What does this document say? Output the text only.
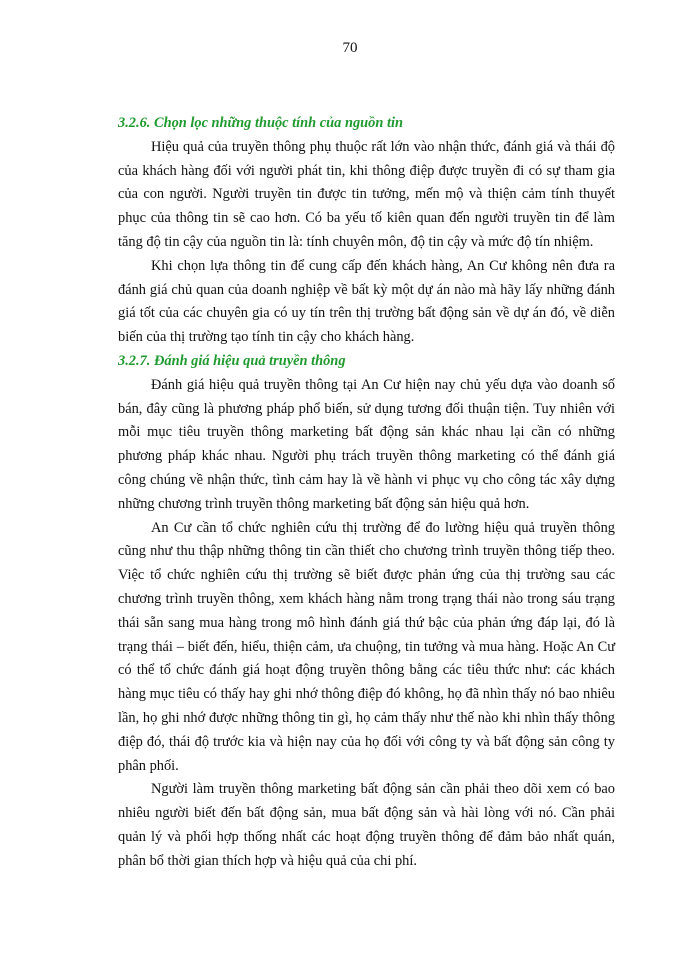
70
3.2.6. Chọn lọc những thuộc tính của nguồn tin

Hiệu quả của truyền thông phụ thuộc rất lớn vào nhận thức, đánh giá và thái độ của khách hàng đối với người phát tin, khi thông điệp được truyền đi có sự tham gia của con người. Người truyền tin được tin tưởng, mến mộ và thiện cảm tính thuyết phục của thông tin sẽ cao hơn. Có ba yếu tố kiên quan đến người truyền tin để làm tăng độ tin cậy của nguồn tin là: tính chuyên môn, độ tin cậy và mức độ tín nhiệm.

Khi chọn lựa thông tin để cung cấp đến khách hàng, An Cư không nên đưa ra đánh giá chủ quan của doanh nghiệp về bất kỳ một dự án nào mà hãy lấy những đánh giá tốt của các chuyên gia có uy tín trên thị trường bất động sản về dự án đó, về diễn biến của thị trường tạo tính tin cậy cho khách hàng.

3.2.7. Đánh giá hiệu quả truyền thông

Đánh giá hiệu quả truyền thông tại An Cư hiện nay chủ yếu dựa vào doanh số bán, đây cũng là phương pháp phổ biến, sử dụng tương đối thuận tiện. Tuy nhiên với mỗi mục tiêu truyền thông marketing bất động sản khác nhau lại cần có những phương pháp khác nhau. Người phụ trách truyền thông marketing có thể đánh giá công chúng về nhận thức, tình cảm hay là về hành vi phục vụ cho công tác xây dựng những chương trình truyền thông marketing bất động sản hiệu quả hơn.

An Cư cần tổ chức nghiên cứu thị trường để đo lường hiệu quả truyền thông cũng như thu thập những thông tin cần thiết cho chương trình truyền thông tiếp theo. Việc tổ chức nghiên cứu thị trường sẽ biết được phản ứng của thị trường sau các chương trình truyền thông, xem khách hàng nằm trong trạng thái nào trong sáu trạng thái sẵn sang mua hàng trong mô hình đánh giá thứ bậc của phản ứng đáp lại, đó là trạng thái – biết đến, hiểu, thiện cảm, ưa chuộng, tin tưởng và mua hàng. Hoặc An Cư có thể tổ chức đánh giá hoạt động truyền thông bằng các tiêu thức như: các khách hàng mục tiêu có thấy hay ghi nhớ thông điệp đó không, họ đã nhìn thấy nó bao nhiêu lần, họ ghi nhớ được những thông tin gì, họ cảm thấy như thế nào khi nhìn thấy thông điệp đó, thái độ trước kia và hiện nay của họ đối với công ty và bất động sản công ty phân phối.

Người làm truyền thông marketing bất động sản cần phải theo dõi xem có bao nhiêu người biết đến bất động sản, mua bất động sản và hài lòng với nó. Cần phải quản lý và phối hợp thống nhất các hoạt động truyền thông để đảm bảo nhất quán, phân bổ thời gian thích hợp và hiệu quả của chi phí.
